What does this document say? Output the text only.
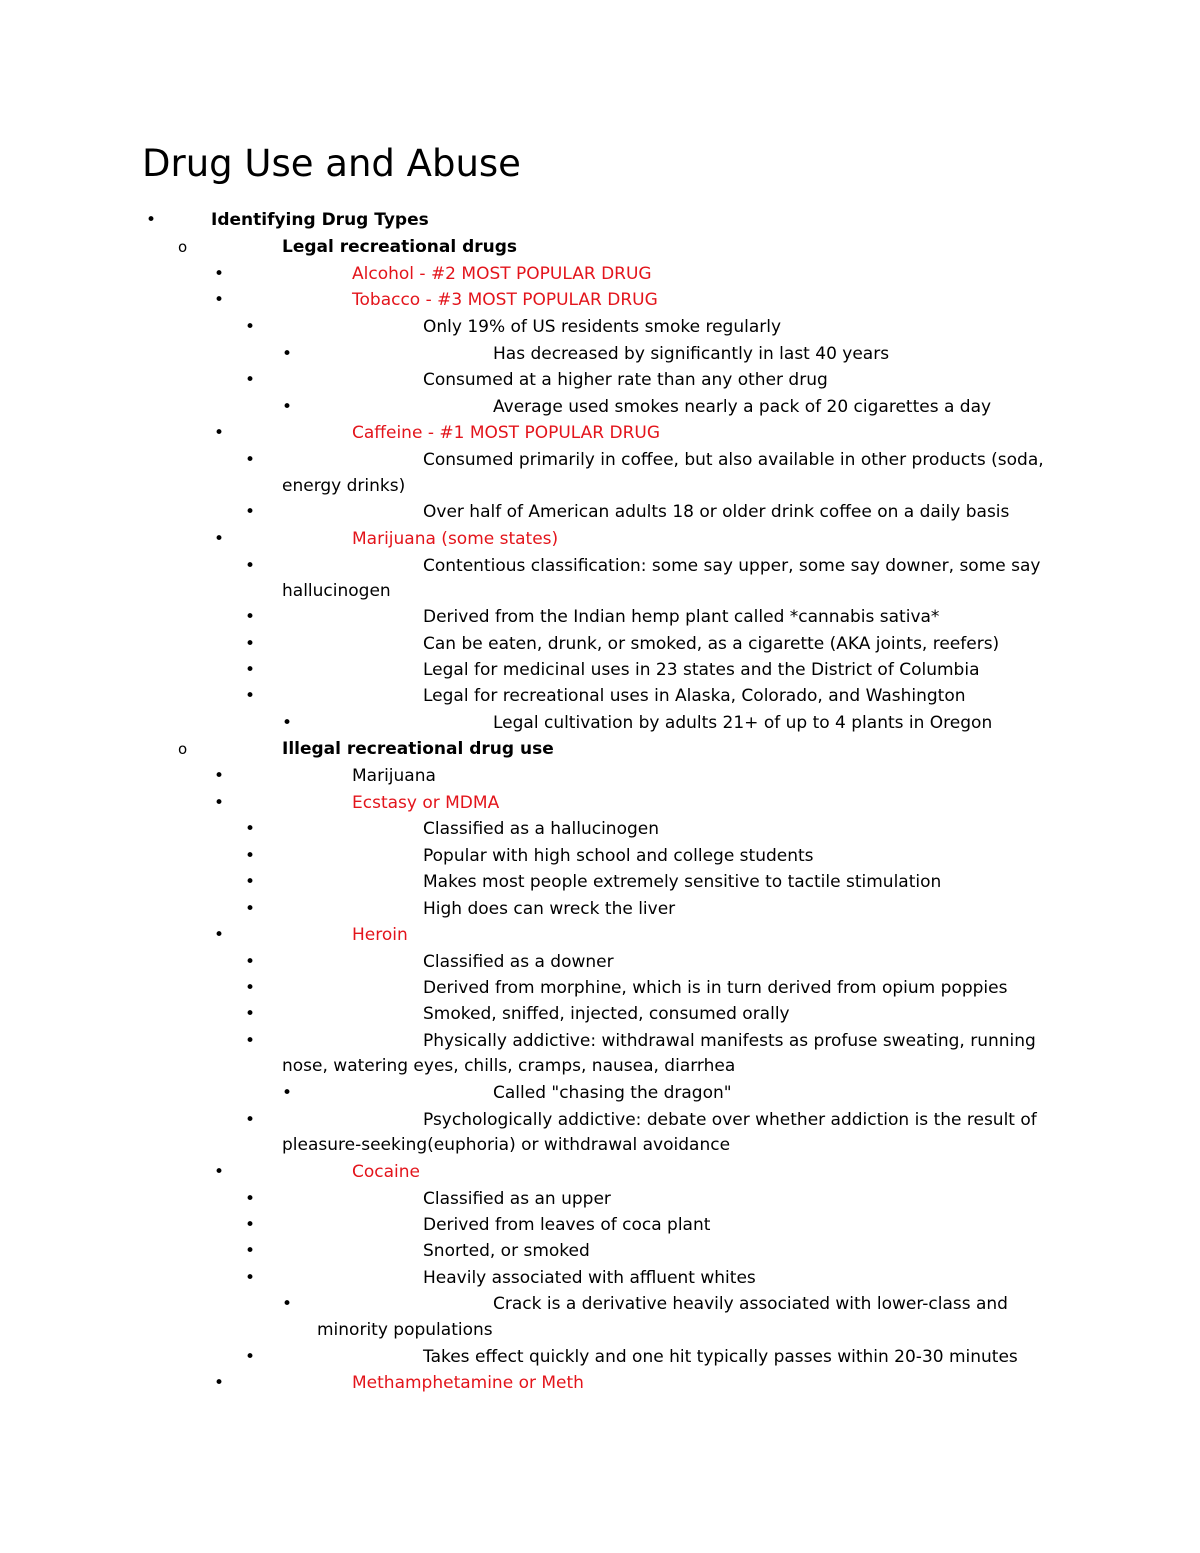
Drug Use and Abuse
•	Identifying Drug Types
o	Legal recreational drugs
•	Alcohol - #2 MOST POPULAR DRUG
•	Tobacco - #3 MOST POPULAR DRUG
•	Only 19% of US residents smoke regularly
•	Has decreased by significantly in last 40 years
•	Consumed at a higher rate than any other drug
•	Average used smokes nearly a pack of 20 cigarettes a day
•	Caffeine - #1 MOST POPULAR DRUG
•	Consumed primarily in coffee, but also available in other products (soda,
energy drinks)
•	Over half of American adults 18 or older drink coffee on a daily basis
•	Marijuana (some states)
•	Contentious classification: some say upper, some say downer, some say
hallucinogen
•	Derived from the Indian hemp plant called *cannabis sativa*
•	Can be eaten, drunk, or smoked, as a cigarette (AKA joints, reefers)
•	Legal for medicinal uses in 23 states and the District of Columbia
•	Legal for recreational uses in Alaska, Colorado, and Washington
•	Legal cultivation by adults 21+ of up to 4 plants in Oregon
o	Illegal recreational drug use
•	Marijuana
•	Ecstasy or MDMA
•	Classified as a hallucinogen
•	Popular with high school and college students
•	Makes most people extremely sensitive to tactile stimulation
•	High does can wreck the liver
•	Heroin
•	Classified as a downer
•	Derived from morphine, which is in turn derived from opium poppies
•	Smoked, sniffed, injected, consumed orally
•	Physically addictive: withdrawal manifests as profuse sweating, running
nose, watering eyes, chills, cramps, nausea, diarrhea
•	Called "chasing the dragon"
•	Psychologically addictive: debate over whether addiction is the result of
pleasure-seeking(euphoria) or withdrawal avoidance
•	Cocaine
•	Classified as an upper
•	Derived from leaves of coca plant
•	Snorted, or smoked
•	Heavily associated with affluent whites
•	Crack is a derivative heavily associated with lower-class and
minority populations
•	Takes effect quickly and one hit typically passes within 20-30 minutes
•	Methamphetamine or Meth
